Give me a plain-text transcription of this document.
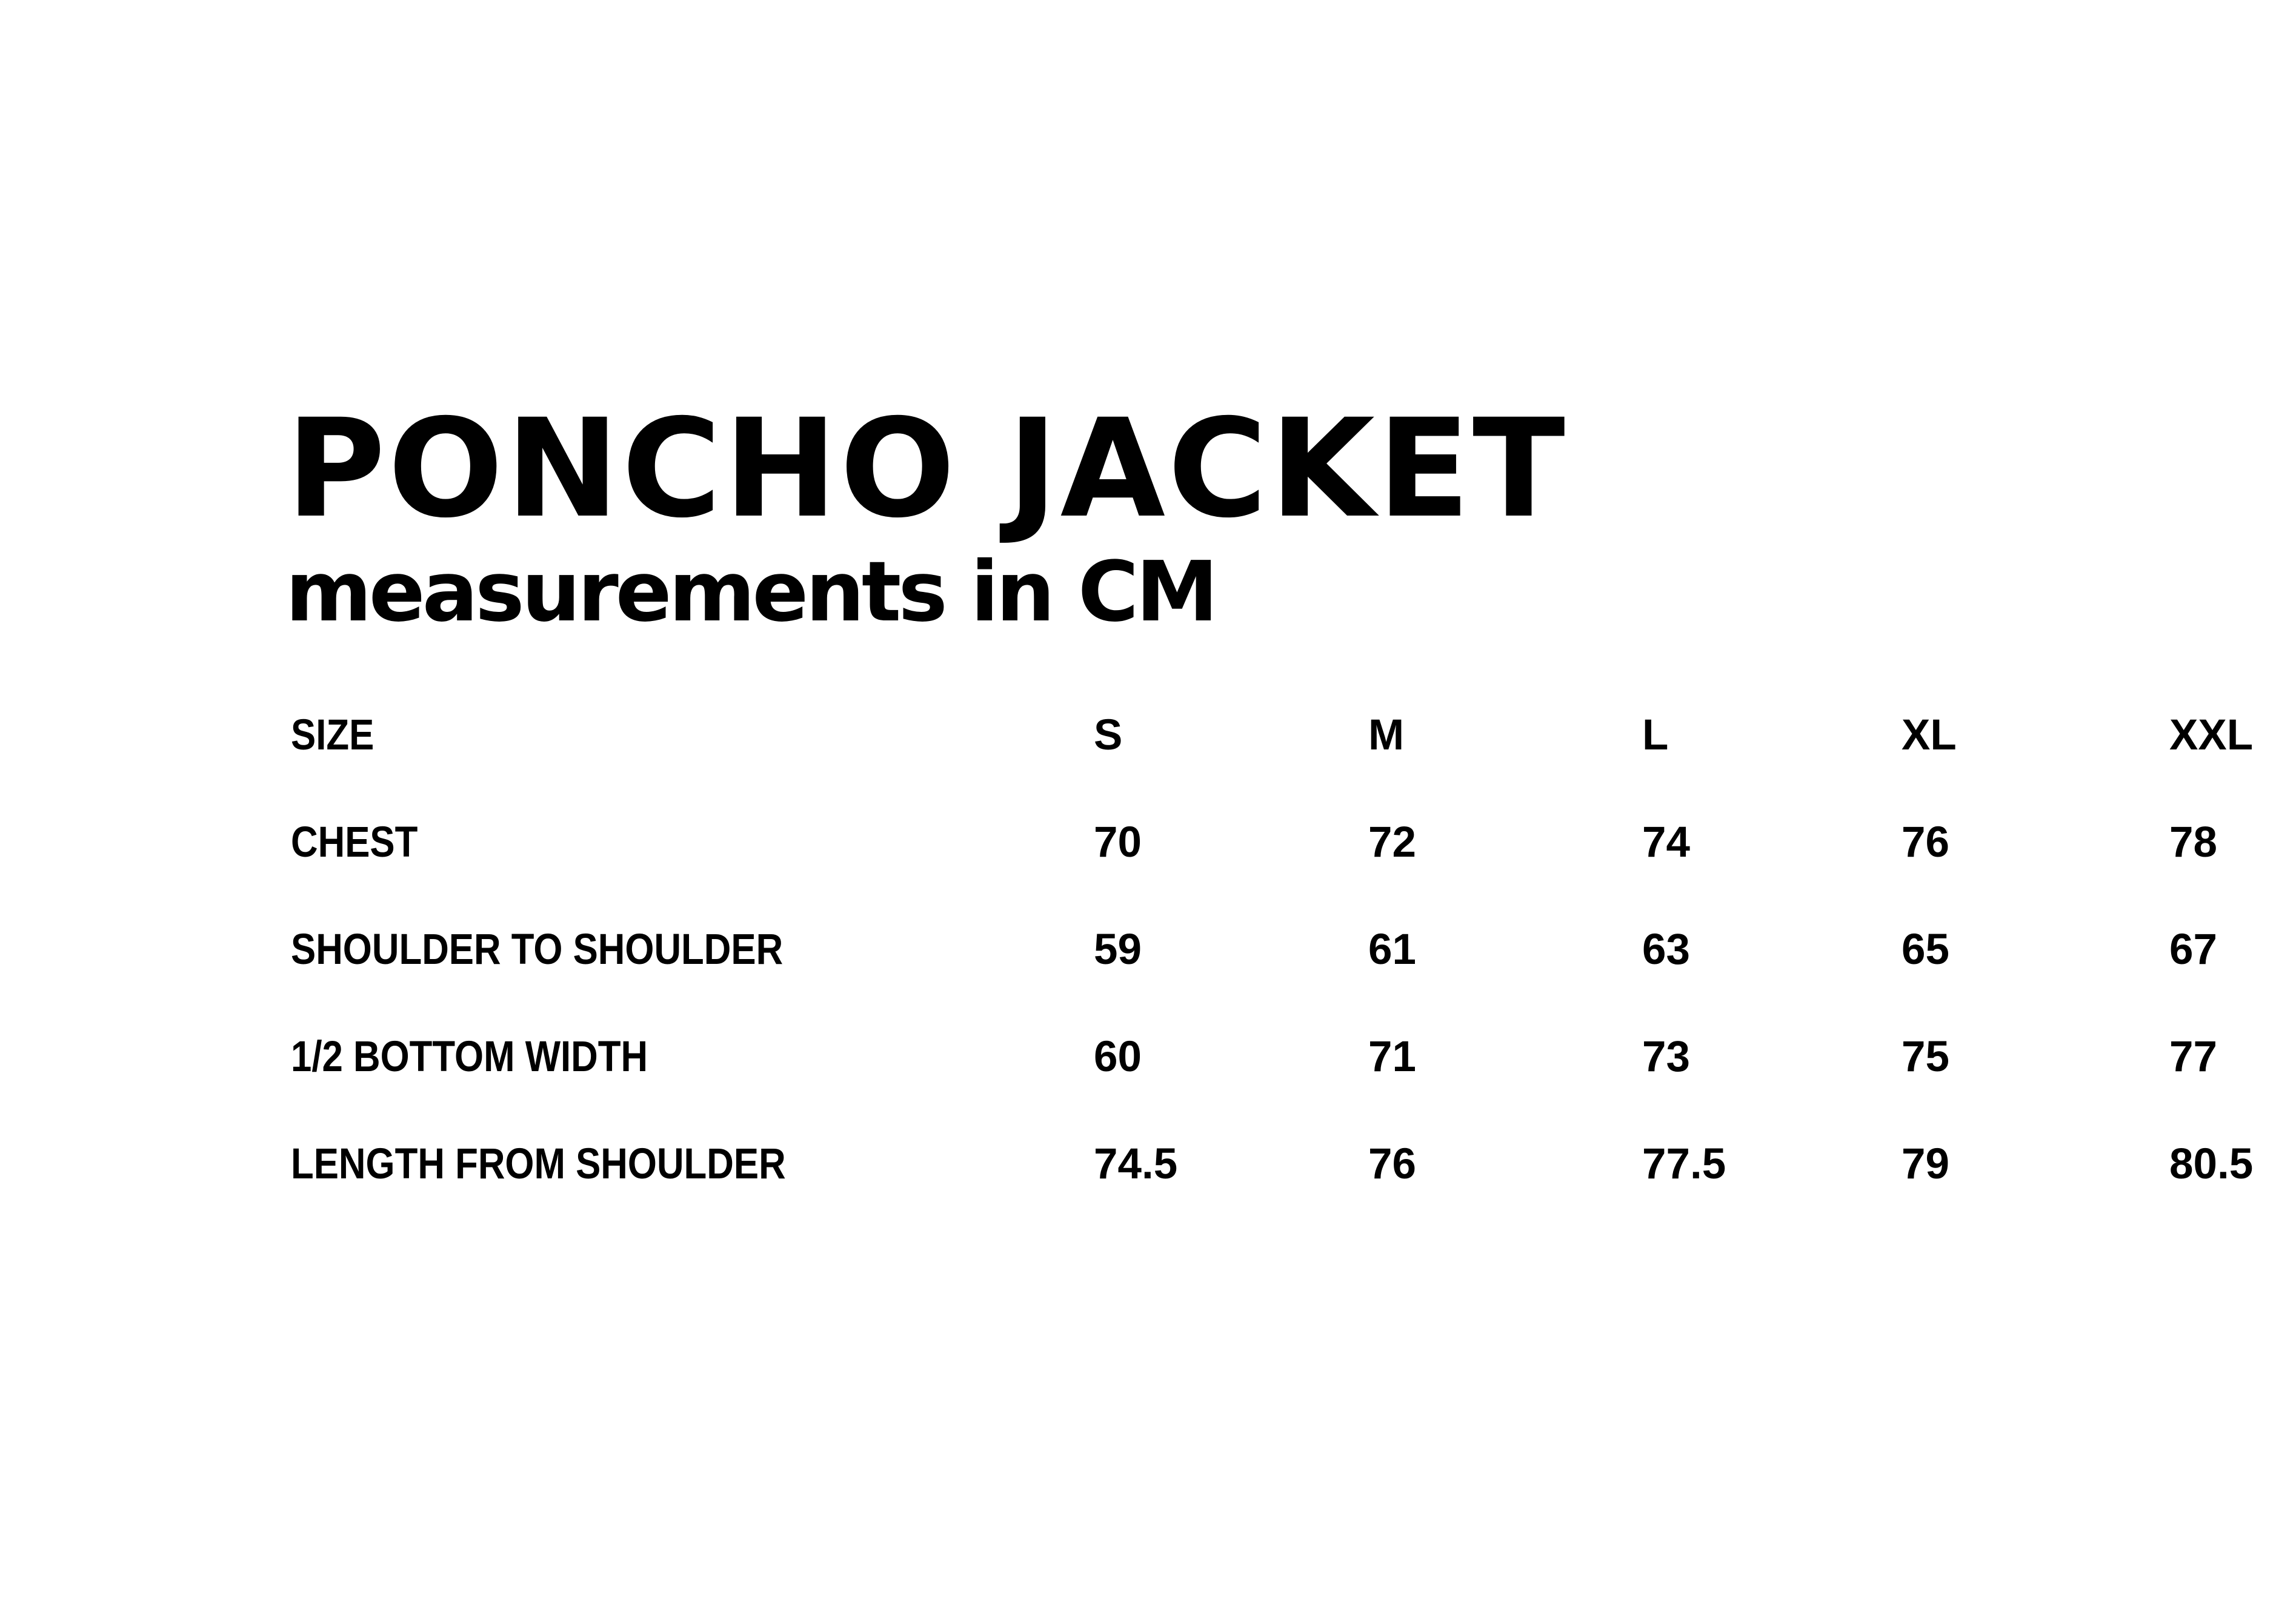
PONCHO JACKET
measurements in CM
SIZE	S	M	L	XL	XXL
CHEST	70	72	74	76	78
SHOULDER TO SHOULDER	59	61	63	65	67
1/2 BOTTOM WIDTH	60	71	73	75	77
LENGTH FROM SHOULDER	74.5	76	77.5	79	80.5
